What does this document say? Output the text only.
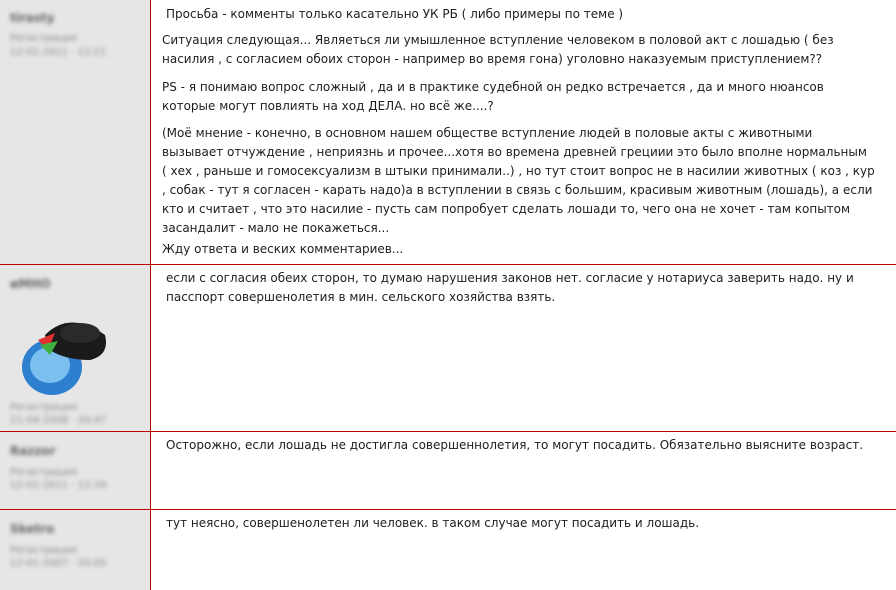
tirasty
Регистрация
12-01-2011 · 12:21

Просьба - комменты только касательно УК РБ ( либо примеры по теме )

Ситуация следующая... Являеться ли умышленное вступление человеком в половой акт с лошадью ( без
насилия , с согласием обоих сторон - например во время гона) уголовно наказуемым приступлением??

PS - я понимаю вопрос сложный , да и в практике судебной он редко встречается , да и много нюансов
которые могут повлиять на ход ДЕЛА. но всё же....?

(Моё мнение - конечно, в основном нашем обществе вступление людей в половые акты с животными
вызывает отчуждение , неприязнь и прочее...хотя во времена древней грециии это было вполне нормальным
( хех , раньше и гомосексуализм в штыки принимали..) , но тут стоит вопрос не в насилии животных ( коз , кур
, собак - тут я согласен - карать надо)а в вступлении в связь с большим, красивым животным (лошадь), а если
кто и считает , что это насилие - пусть сам попробует сделать лошади то, чего она не хочет - там копытом
засандалит - мало не покажеться...

Жду ответа и веских комментариев...

иМНО
Регистрация
21-04-2008 · 20:47

если с согласия обеих сторон, то думаю нарушения законов нет. согласие у нотариуса заверить надо. ну и
пасспорт совершенолетия в мин. сельского хозяйства взять.

Razzor
Регистрация
12-01-2011 · 12:34

Осторожно, если лошадь не достигла совершеннолетия, то могут посадить. Обязательно выясните возраст.

Sketro
Регистрация
12-01-2007 · 20:05

тут неясно, совершенолетен ли человек. в таком случае могут посадить и лошадь.
